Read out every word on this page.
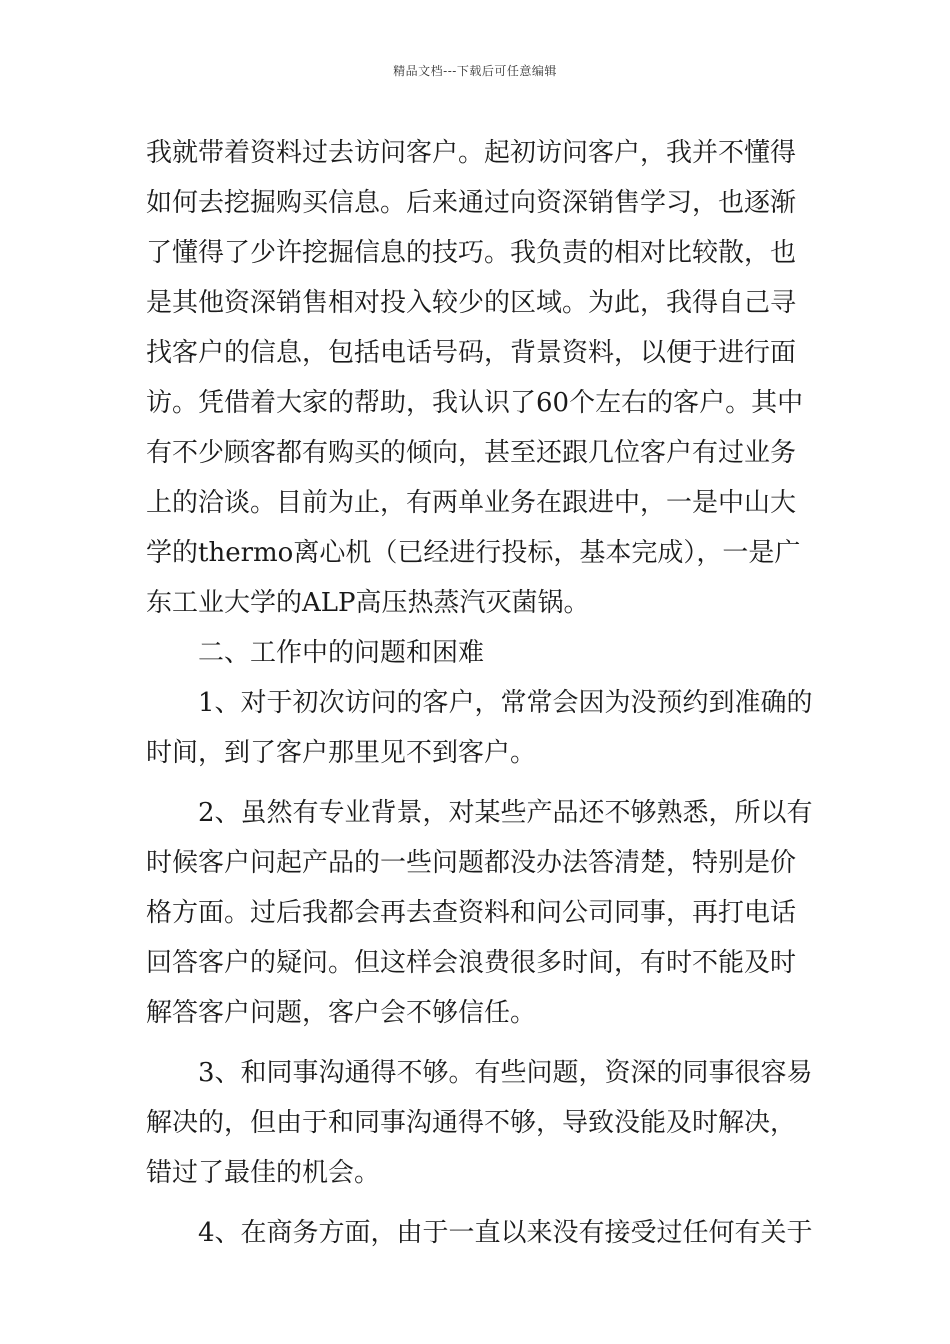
精品文档---下载后可任意编辑
我就带着资料过去访问客户。起初访问客户，我并不懂得
如何去挖掘购买信息。后来通过向资深销售学习，也逐渐
了懂得了少许挖掘信息的技巧。我负责的相对比较散，也
是其他资深销售相对投入较少的区域。为此，我得自己寻
找客户的信息，包括电话号码，背景资料，以便于进行面
访。凭借着大家的帮助，我认识了60个左右的客户。其中
有不少顾客都有购买的倾向，甚至还跟几位客户有过业务
上的洽谈。目前为止，有两单业务在跟进中，一是中山大
学的thermo离心机（已经进行投标，基本完成），一是广
东工业大学的ALP高压热蒸汽灭菌锅。
二、工作中的问题和困难
1、对于初次访问的客户，常常会因为没预约到准确的
时间，到了客户那里见不到客户。
2、虽然有专业背景，对某些产品还不够熟悉，所以有
时候客户问起产品的一些问题都没办法答清楚，特别是价
格方面。过后我都会再去查资料和问公司同事，再打电话
回答客户的疑问。但这样会浪费很多时间，有时不能及时
解答客户问题，客户会不够信任。
3、和同事沟通得不够。有些问题，资深的同事很容易
解决的，但由于和同事沟通得不够，导致没能及时解决，
错过了最佳的机会。
4、在商务方面，由于一直以来没有接受过任何有关于
